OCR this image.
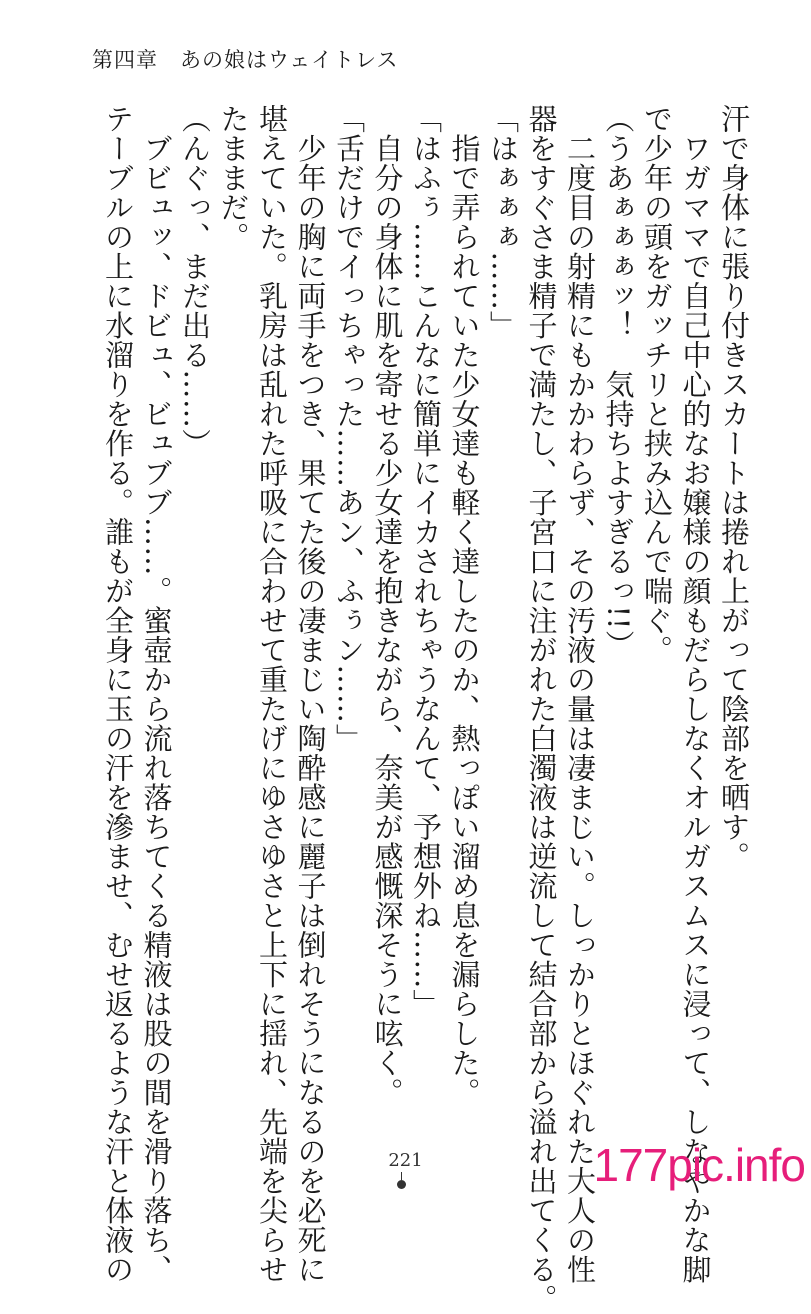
第四章　あの娘はウェイトレス

汗で身体に張り付きスカートは捲れ上がって陰部を晒す。

　ワガママで自己中心的なお嬢様の顔もだらしなくオルガスムスに浸って、しなやかな脚

で少年の頭をガッチリと挟み込んで喘ぐ。

（うあぁぁぁッ！　気持ちよすぎるっ!!）

　二度目の射精にもかかわらず、その汚液の量は凄まじい。しっかりとほぐれた大人の性

器をすぐさま精子で満たし、子宮口に注がれた白濁液は逆流して結合部から溢れ出てくる。

「はぁぁぁ……」

　指で弄られていた少女達も軽く達したのか、熱っぽい溜め息を漏らした。

「はふぅ……こんなに簡単にイカされちゃうなんて、予想外ね……」

　自分の身体に肌を寄せる少女達を抱きながら、奈美が感慨深そうに呟く。

「舌だけでイっちゃった……あン、ふぅン……」

　少年の胸に両手をつき、果てた後の凄まじい陶酔感に麗子は倒れそうになるのを必死に

堪えていた。乳房は乱れた呼吸に合わせて重たげにゆさゆさと上下に揺れ、先端を尖らせ

たままだ。

（んぐっ、まだ出る……）

　ブビュッ、ドビュ、ビュブブ……。蜜壺から流れ落ちてくる精液は股の間を滑り落ち、

テーブルの上に水溜りを作る。誰もが全身に玉の汗を滲ませ、むせ返るような汗と体液の	221	177pic.info
